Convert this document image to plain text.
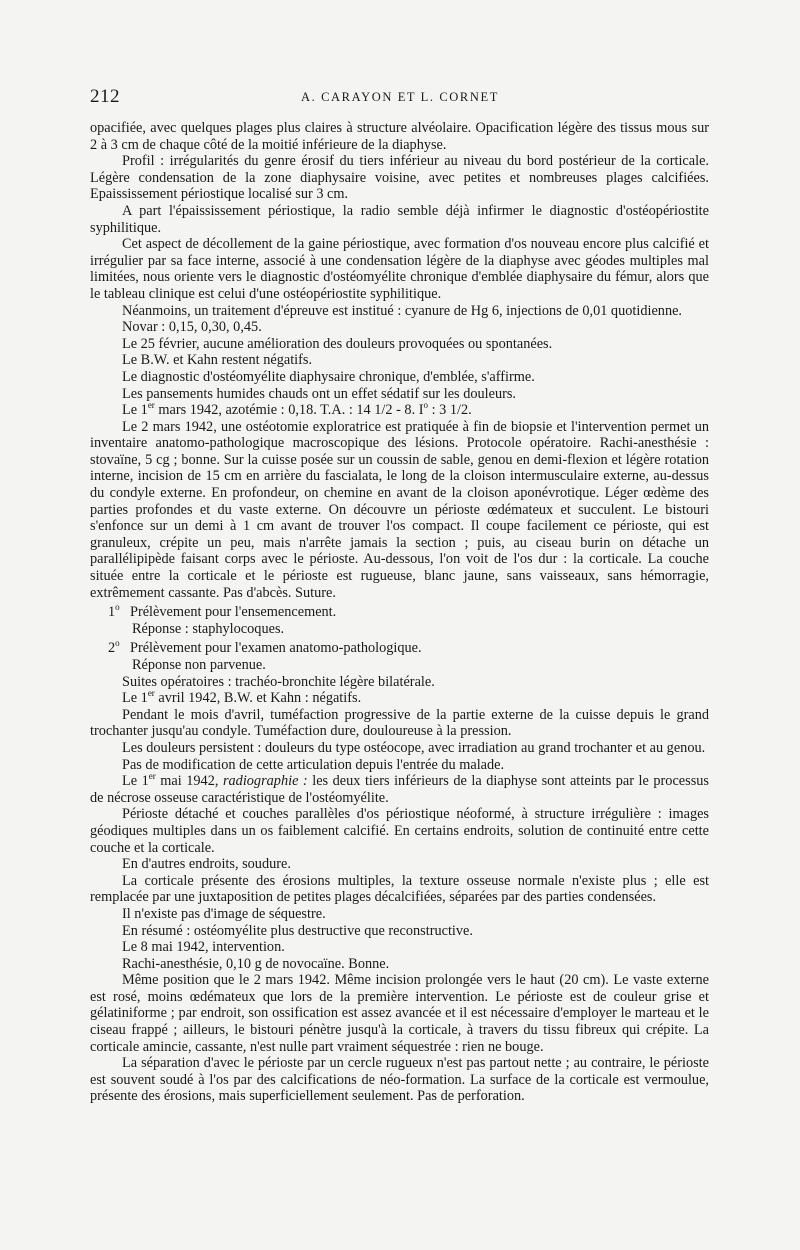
212	A. CARAYON ET L. CORNET

opacifiée, avec quelques plages plus claires à structure alvéolaire. Opacification légère des tissus mous sur 2 à 3 cm de chaque côté de la moitié inférieure de la diaphyse.

Profil : irrégularités du genre érosif du tiers inférieur au niveau du bord postérieur de la corticale. Légère condensation de la zone diaphysaire voisine, avec petites et nombreuses plages calcifiées. Epaississement périostique localisé sur 3 cm.

A part l'épaississement périostique, la radio semble déjà infirmer le diagnostic d'ostéopériostite syphilitique.

Cet aspect de décollement de la gaine périostique, avec formation d'os nouveau encore plus calcifié et irrégulier par sa face interne, associé à une condensation légère de la diaphyse avec géodes multiples mal limitées, nous oriente vers le diagnostic d'ostéomyélite chronique d'emblée diaphysaire du fémur, alors que le tableau clinique est celui d'une ostéopériostite syphilitique.

Néanmoins, un traitement d'épreuve est institué : cyanure de Hg 6, injections de 0,01 quotidienne.

Novar : 0,15, 0,30, 0,45.

Le 25 février, aucune amélioration des douleurs provoquées ou spontanées.

Le B.W. et Kahn restent négatifs.

Le diagnostic d'ostéomyélite diaphysaire chronique, d'emblée, s'affirme.

Les pansements humides chauds ont un effet sédatif sur les douleurs.

Le 1er mars 1942, azotémie : 0,18. T.A. : 14 1/2 - 8. $I^o$ : 3 1/2.

Le 2 mars 1942, une ostéotomie exploratrice est pratiquée à fin de biopsie et l'intervention permet un inventaire anatomo-pathologique macroscopique des lésions. Protocole opératoire. Rachi-anesthésie : stovaïne, 5 cg ; bonne. Sur la cuisse posée sur un coussin de sable, genou en demi-flexion et légère rotation interne, incision de 15 cm en arrière du fascialata, le long de la cloison intermusculaire externe, au-dessus du condyle externe. En profondeur, on chemine en avant de la cloison aponévrotique. Léger œdème des parties profondes et du vaste externe. On découvre un périoste œdémateux et succulent. Le bistouri s'enfonce sur un demi à 1 cm avant de trouver l'os compact. Il coupe facilement ce périoste, qui est granuleux, crépite un peu, mais n'arrête jamais la section ; puis, au ciseau burin on détache un parallélipipède faisant corps avec le périoste. Au-dessous, l'on voit de l'os dur : la corticale. La couche située entre la corticale et le périoste est rugueuse, blanc jaune, sans vaisseaux, sans hémorragie, extrêmement cassante. Pas d'abcès. Suture.

1$^o$ Prélèvement pour l'ensemencement.

Réponse : staphylocoques.

2$^o$ Prélèvement pour l'examen anatomo-pathologique.

Réponse non parvenue.

Suites opératoires : trachéo-bronchite légère bilatérale.

Le 1er avril 1942, B.W. et Kahn : négatifs.

Pendant le mois d'avril, tuméfaction progressive de la partie externe de la cuisse depuis le grand trochanter jusqu'au condyle. Tuméfaction dure, douloureuse à la pression.

Les douleurs persistent : douleurs du type ostéocope, avec irradiation au grand trochanter et au genou.

Pas de modification de cette articulation depuis l'entrée du malade.

Le 1er mai 1942, radiographie : les deux tiers inférieurs de la diaphyse sont atteints par le processus de nécrose osseuse caractéristique de l'ostéomyélite.

Périoste détaché et couches parallèles d'os périostique néoformé, à structure irrégulière : images géodiques multiples dans un os faiblement calcifié. En certains endroits, solution de continuité entre cette couche et la corticale.

En d'autres endroits, soudure.

La corticale présente des érosions multiples, la texture osseuse normale n'existe plus ; elle est remplacée par une juxtaposition de petites plages décalcifiées, séparées par des parties condensées.

Il n'existe pas d'image de séquestre.

En résumé : ostéomyélite plus destructive que reconstructive.

Le 8 mai 1942, intervention.

Rachi-anesthésie, 0,10 g de novocaïne. Bonne.

Même position que le 2 mars 1942. Même incision prolongée vers le haut (20 cm). Le vaste externe est rosé, moins œdémateux que lors de la première intervention. Le périoste est de couleur grise et gélatiniforme ; par endroit, son ossification est assez avancée et il est nécessaire d'employer le marteau et le ciseau frappé ; ailleurs, le bistouri pénètre jusqu'à la corticale, à travers du tissu fibreux qui crépite. La corticale amincie, cassante, n'est nulle part vraiment séquestrée : rien ne bouge.

La séparation d'avec le périoste par un cercle rugueux n'est pas partout nette ; au contraire, le périoste est souvent soudé à l'os par des calcifications de néo-formation. La surface de la corticale est vermoulue, présente des érosions, mais superficiellement seulement. Pas de perforation.
